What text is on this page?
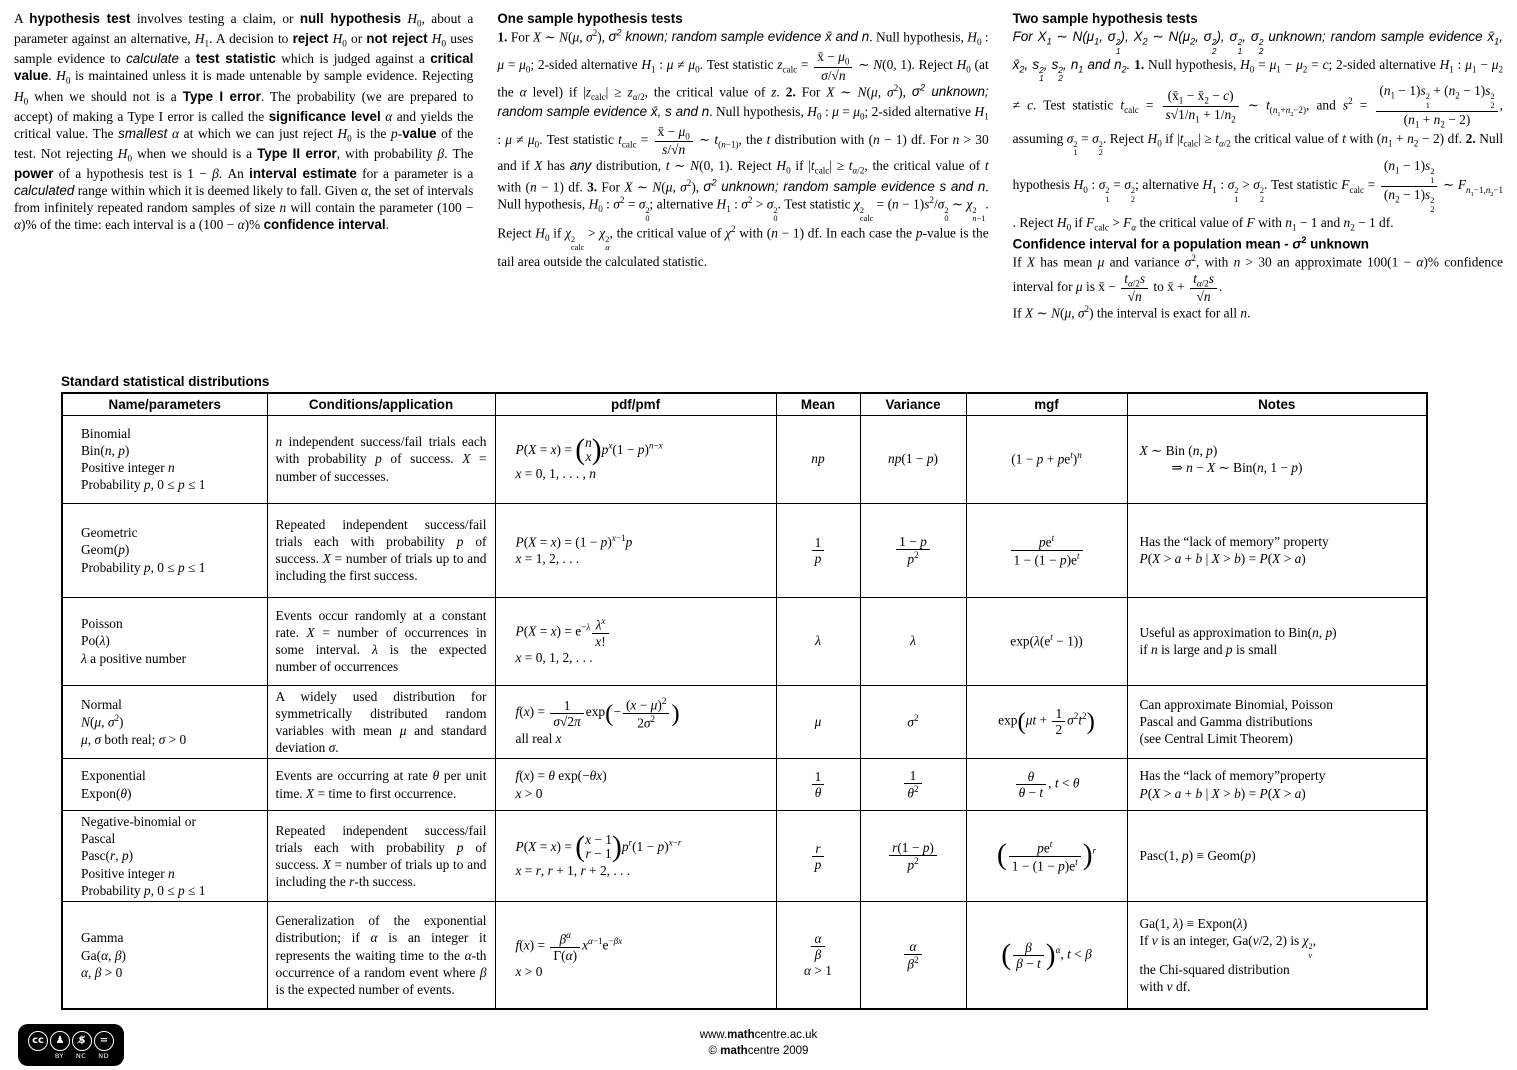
A hypothesis test involves testing a claim, or null hypothesis $H_0$, about a parameter against an alternative, $H_1$. A decision to reject $H_0$ or not reject $H_0$ uses sample evidence to calculate a test statistic which is judged against a critical value. $H_0$ is maintained unless it is made untenable by sample evidence. Rejecting $H_0$ when we should not is a Type I error. The probability (we are prepared to accept) of making a Type I error is called the significance level α and yields the critical value. The smallest α at which we can just reject $H_0$ is the p-value of the test. Not rejecting $H_0$ when we should is a Type II error, with probability β. The power of a hypothesis test is 1 − β. An interval estimate for a parameter is a calculated range within which it is deemed likely to fall. Given α, the set of intervals from infinitely repeated random samples of size n will contain the parameter (100 − α)% of the time: each interval is a (100 − α)% confidence interval.

One sample hypothesis tests

1. For X ∼ N(μ, $\sigma^2$), $\sigma^2$ known; random sample evidence x̄ and n. Null hypothesis, $H_0$ : $\mu = \mu_0$; 2-sided alternative $H_1$ : $\mu \ne \mu_0$. Test statistic $z_{calc} = \frac{x̄ - \mu_0}{\sigma/√n}$ ∼ N(0, 1). Reject $H_0$ (at the α level) if $|z_{calc}| \ge z_{\alpha/2}$, the critical value of z. 2. For X ∼ N(μ, $\sigma^2$), $\sigma^2$ unknown; random sample evidence x̄, s and n. Null hypothesis, $H_0$ : $\mu = \mu_0$; 2-sided alternative $H_1$ : $\mu \ne \mu_0$. Test statistic $t_{calc} = \frac{x̄ - \mu_0}{s/√n}$ ∼ $t_{(n-1)}$, the t distribution with (n − 1) df. For n > 30 and if X has any distribution, t ∼ N(0, 1). Reject $H_0$ if $|t_{calc}| \ge t_{\alpha/2}$, the critical value of t with (n − 1) df. 3. For X ∼ N(μ, $\sigma^2$), $\sigma^2$ unknown; random sample evidence s and n. Null hypothesis, $H_0$ : $\sigma^2 = \sigma$ 2
0
; alternative $H_1$ : $\sigma^2 > \sigma$ 2
0
. Test statistic χ 2
calc
= $(n - 1)s^2/\sigma$ 2
0
∼ χ 2
n−1
. Reject $H_0$ if χ 2
calc
> χ 2
α
, the critical value of $\chi^2$ with (n − 1) df. In each case the p-value is the tail area outside the calculated statistic.

Two sample hypothesis tests

For $X_1$ ∼ $N(\mu_1$, σ 2
1
), $X_2$ ∼ $N(\mu_2$, σ 2
2
), σ 2
1
, σ 2
2
unknown; random sample evidence $x̄_1$, $x̄_2$, s 2
1
, s 2
2
, $n_1$ and $n_2$. 1. Null hypothesis, $H_0 = \mu_1 - \mu_2 = c$; 2-sided alternative $H_1$ : $\mu_1 - \mu_2 \ne c$. Test statistic $t_{calc} = \frac{(x̄_1 - x̄_2 - c)}{s√1/n_1 + 1/n_2}$ ∼ $t_{(n_1+n_2-2)}$, and $s^2 = (n_1 - 1)s$ 2
1
+ $(n_2 - 1)s$ 2
2
$(n_1 + n_2 - 2)$ , assuming σ 2
1
= σ 2
2
. Reject $H_0$ if $|t_{calc}| \ge t_{\alpha/2}$ the critical value of t with $(n_1 + n_2 - 2)$ df. 2. Null hypothesis $H_0$ : σ 2
1
= σ 2
2
; alternative $H_1$ : σ 2
1
> σ 2
2
. Test statistic $F_{calc} = (n_1 - 1)s$ 2
1
$(n_2 - 1)s$ 2
2 ∼ $F_{n_1-1,n_2-1}$ . Reject $H_0$ if $F_{calc} > F_\alpha$ the critical value of F with $n_1 - 1$ and $n_2 - 1$ df.

Confidence interval for a population mean - $\sigma^2$ unknown

If X has mean μ and variance $\sigma^2$, with n > 30 an approximate 100(1 − α)% confidence interval for μ is x̄ − $\frac{t_{\alpha/2}s}{√n}$ to x̄ + $\frac{t_{\alpha/2}s}{√n}$ .
If X ∼ N(μ, $\sigma^2$) the interval is exact for all n.

Standard statistical distributions
Name/parameters	Conditions/application	pdf/pmf	Mean	Variance	mgf	Notes
Binomial
Bin(n, p)
Positive integer n
Probability p, 0 ≤ p ≤ 1	n independent success/fail trials each with probability p of success. X = number of successes.	P(X = x) = ( n
x ) $p^x(1 - p)^{n-x}$
x = 0, 1, . . . , n	np	np(1 − p)	$(1 - p + pe^t)^n$	X ∼ Bin (n, p)
⇒ n − X ∼ Bin(n, 1 − p)
Geometric
Geom(p)
Probability p, 0 ≤ p ≤ 1	Repeated independent success/fail trials each with probability p of success. X = number of trials up to and including the first success.	$P(X = x) = (1 - p)^{x-1}p$
x = 1, 2, . . .	$\frac{1}{p}$	$\frac{1 - p}{p^2}$	$pe^t$
$1 - (1 - p)e^t$	Has the “lack of memory” property
P(X > a + b | X > b) = P(X > a)
Poisson
Po(λ)
λ a positive number	Events occur randomly at a constant rate. X = number of occurrences in some interval. λ is the expected number of occurrences	$P(X = x) = e^{-\lambda} \frac{\lambda^x}{x!}$

x = 0, 1, 2, . . .	λ	λ	$\exp(\lambda(e^t - 1))$	Useful as approximation to Bin(n, p)
if n is large and p is small
Normal
N(μ, $\sigma^2$)
μ, σ both real; σ > 0	A widely used distribution for symmetrically distributed random variables with mean μ and standard deviation σ.	$f(x) = \frac{1}{\sigma√2\pi} \exp(- \frac{(x - \mu)^2}{2\sigma^2}$ )
all real x	μ	$\sigma^2$	$\exp(\mu t + \frac{1}{2} \sigma^2t^2)$	Can approximate Binomial, Poisson
Pascal and Gamma distributions
(see Central Limit Theorem)
Exponential
Expon(θ)	Events are occurring at rate θ per unit time. X = time to first occurrence.	f(x) = θ exp(−θx)
x > 0	$\frac{1}{\theta}$	$\frac{1}{\theta^2}$	$\frac{\theta}{\theta - t}$ , t < θ	Has the “lack of memory”property
P(X > a + b | X > b) = P(X > a)
Negative-binomial or
Pascal
Pasc(r, p)
Positive integer n
Probability p, 0 ≤ p ≤ 1	Repeated independent success/fail trials each with probability p of success. X = number of trials up to and including the r-th success.	P(X = x) = ( x − 1
r − 1 ) $p^r(1 - p)^{x-r}$
x = r, r + 1, r + 2, . . .	$\frac{r}{p}$	$\frac{r(1 - p)}{p^2}$	(	$pe^t$
$1 - (1 - p)e^t$ ) $^r$	Pasc(1, p) ≡ Geom(p)
Gamma
Ga(α, β)
α, β > 0	Generalization of the exponential distribution; if α is an integer it represents the waiting time to the α-th occurrence of a random event where β is the expected number of events.	$f(x) = \frac{\beta^\alpha}{\Gamma(\alpha)} x^{\alpha-1}e^{-\beta x}$
x > 0	
$\frac{\alpha}{\beta}$

α > 1	$\frac{\alpha}{\beta^2}$	(	β
β − t ) $^\alpha$, t < β	Ga(1, λ) ≡ Expon(λ)
If ν is an integer, Ga(ν/2, 2) is χ 2
ν
,
the Chi-squared distribution
with ν df.
cc	♟	$̸	=
BY NC ND
www.mathcentre.ac.uk
© mathcentre 2009
